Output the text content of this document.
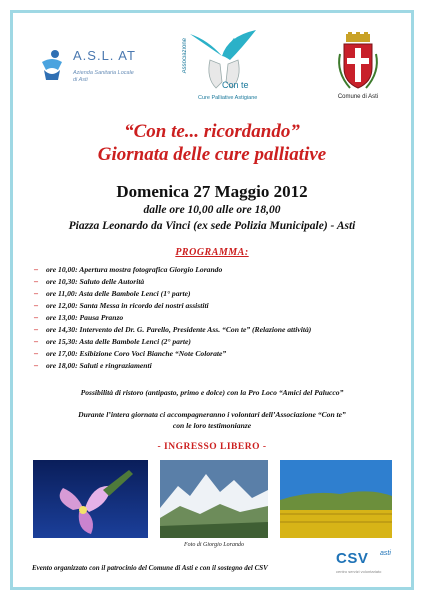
A.S.L. AT
Azienda Sanitaria Locale
di Asti
Associazione
Con te
Cure Palliative Astigiane	Comune di Asti
“Con te... ricordando”
Giornata delle cure palliative
Domenica 27 Maggio 2012
dalle ore 10,00 alle ore 18,00
Piazza Leonardo da Vinci (ex sede Polizia Municipale) - Asti
PROGRAMMA:
– ore 10,00: Apertura mostra fotografica Giorgio Lorando
– ore 10,30: Saluto delle Autorità
– ore 11,00: Asta delle Bambole Lenci (1° parte)
– ore 12,00: Santa Messa in ricordo dei nostri assistiti
– ore 13,00: Pausa Pranzo
– ore 14,30: Intervento del Dr. G. Parello, Presidente Ass. “Con te” (Relazione attività)
– ore 15,30: Asta delle Bambole Lenci (2° parte)
– ore 17,00: Esibizione Coro Voci Bianche “Note Colorate”
– ore 18,00: Saluti e ringraziamenti
Possibilità di ristoro (antipasto, primo e dolce) con la Pro Loco “Amici del Palucco”
Durante l’intera giornata ci accompagneranno i volontari dell’Associazione “Con te”
con le loro testimonianze
- INGRESSO LIBERO -
Foto di Giorgio Lorando
Evento organizzato con il patrocinio del Comune di Asti e con il sostegno del CSV
CSV asti
centro servizi volontariato
